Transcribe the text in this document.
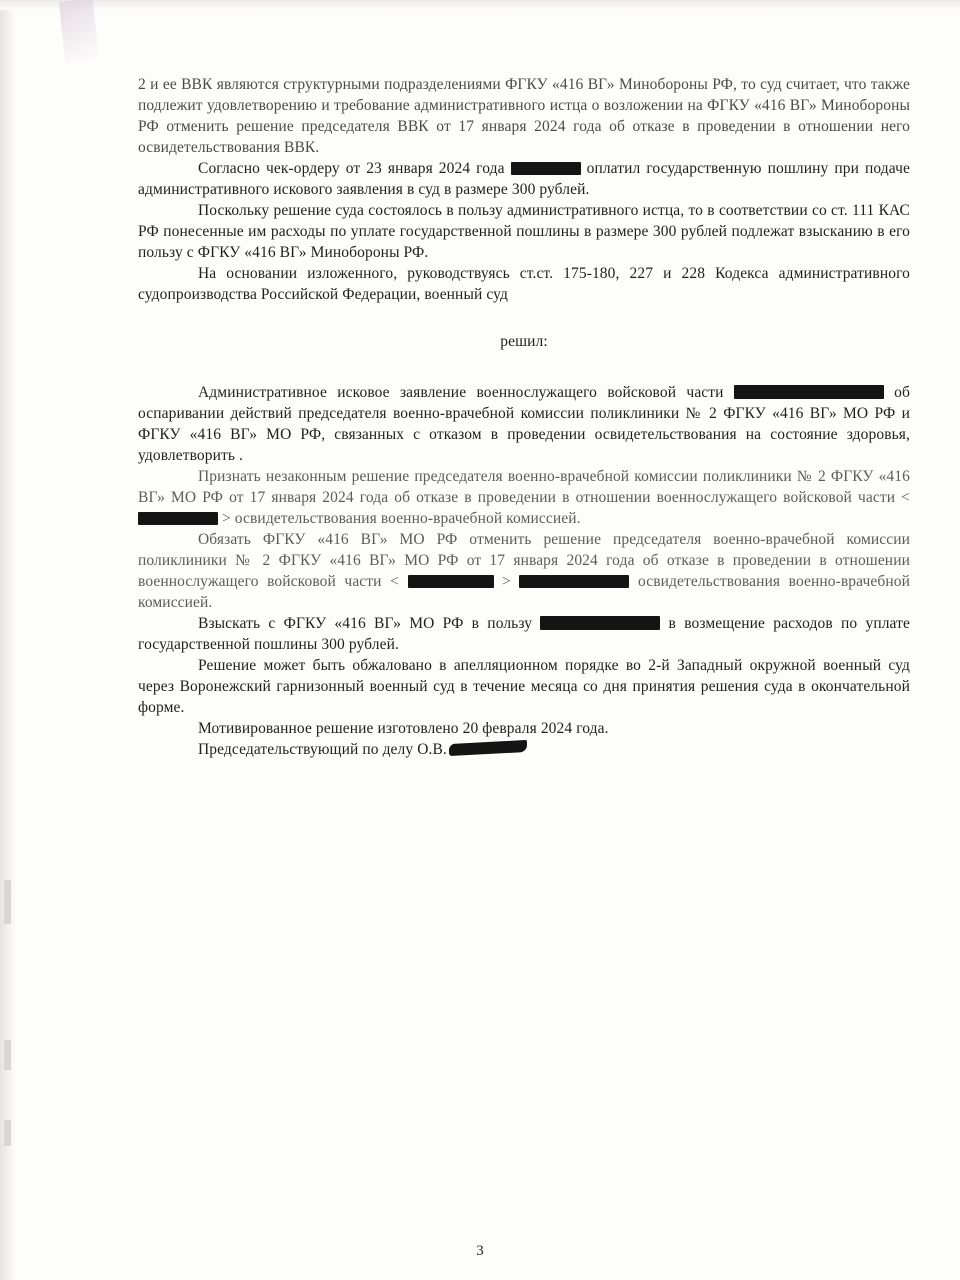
2 и ее ВВК являются структурными подразделениями ФГКУ «416 ВГ» Минобороны РФ, то суд считает, что также подлежит удовлетворению и требование административного истца о возложении на ФГКУ «416 ВГ» Минобороны РФ отменить решение председателя ВВК от 17 января 2024 года об отказе в проведении в отношении него освидетельствования ВВК.

Согласно чек-ордеру от 23 января 2024 года	оплатил государственную пошлину при подаче административного искового заявления в суд в размере 300 рублей.

Поскольку решение суда состоялось в пользу административного истца, то в соответствии со ст. 111 КАС РФ понесенные им расходы по уплате государственной пошлины в размере 300 рублей подлежат взысканию в его пользу с ФГКУ «416 ВГ» Минобороны РФ.

На основании изложенного, руководствуясь ст.ст. 175-180, 227 и 228 Кодекса административного судопроизводства Российской Федерации, военный суд

решил:

Административное исковое заявление военнослужащего войсковой части	об оспаривании действий председателя военно-врачебной комиссии поликлиники № 2 ФГКУ «416 ВГ» МО РФ и ФГКУ «416 ВГ» МО РФ, связанных с отказом в проведении освидетельствования на состояние здоровья, удовлетворить .

Признать незаконным решение председателя военно-врачебной комиссии поликлиники № 2 ФГКУ «416 ВГ» МО РФ от 17 января 2024 года об отказе в проведении в отношении военнослужащего войсковой части <  > освидетельствования военно-врачебной комиссией.

Обязать ФГКУ «416 ВГ» МО РФ отменить решение председателя военно-врачебной комиссии поликлиники № 2 ФГКУ «416 ВГ» МО РФ от 17 января 2024 года об отказе в проведении в отношении военнослужащего войсковой части <	>	освидетельствования военно-врачебной комиссией.

Взыскать с ФГКУ «416 ВГ» МО РФ в пользу	в возмещение расходов по уплате государственной пошлины 300 рублей.

Решение может быть обжаловано в апелляционном порядке во 2-й Западный окружной военный суд через Воронежский гарнизонный военный суд в течение месяца со дня принятия решения суда в окончательной форме.

Мотивированное решение изготовлено 20 февраля 2024 года.

Председательствующий по делу О.В.

3
